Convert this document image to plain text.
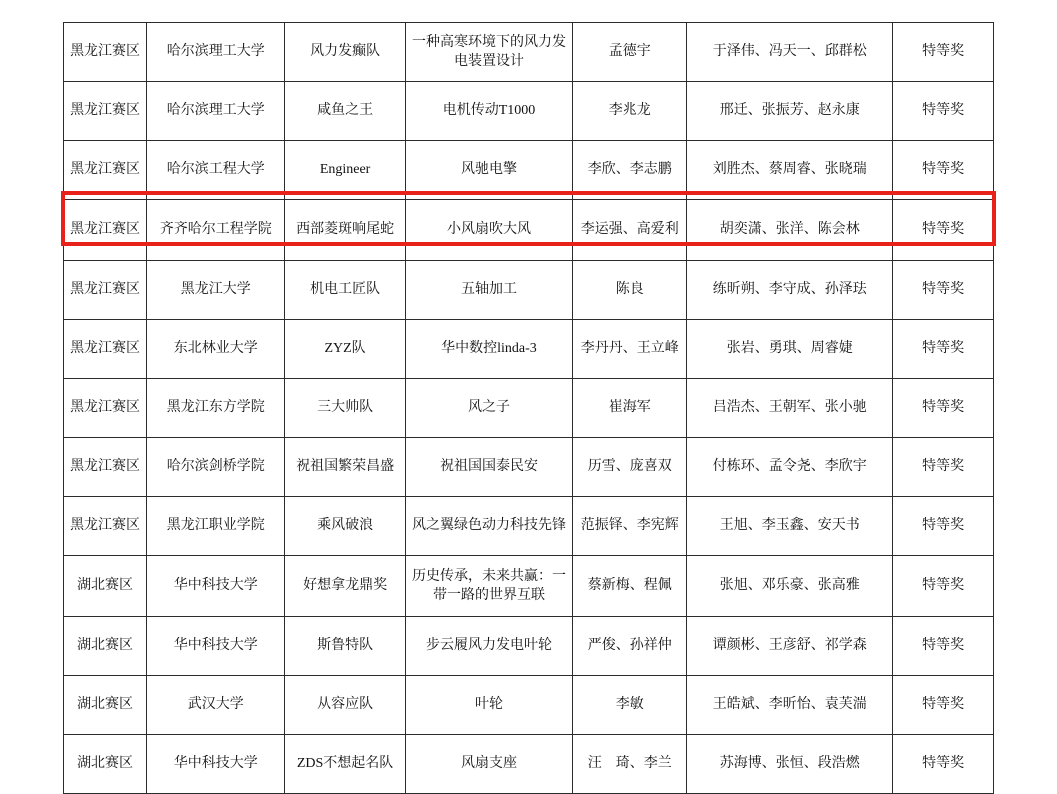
黑龙江赛区	哈尔滨理工大学	风力发癫队	一种高寒环境下的风力发电装置设计	孟德宇	于泽伟、冯天一、邱群松	特等奖
黑龙江赛区	哈尔滨理工大学	咸鱼之王	电机传动T1000	李兆龙	邢迁、张振芳、赵永康	特等奖
黑龙江赛区	哈尔滨工程大学	Engineer	风驰电擎	李欣、李志鹏	刘胜杰、蔡周睿、张晓瑞	特等奖
黑龙江赛区	齐齐哈尔工程学院	西部菱斑响尾蛇	小风扇吹大风	李运强、高爱利	胡奕潇、张洋、陈会林	特等奖
黑龙江赛区	黑龙江大学	机电工匠队	五轴加工	陈良	练昕朔、李守成、孙泽珐	特等奖
黑龙江赛区	东北林业大学	ZYZ队	华中数控linda-3	李丹丹、王立峰	张岩、勇琪、周睿婕	特等奖
黑龙江赛区	黑龙江东方学院	三大帅队	风之子	崔海军	吕浩杰、王朝军、张小驰	特等奖
黑龙江赛区	哈尔滨剑桥学院	祝祖国繁荣昌盛	祝祖国国泰民安	历雪、庞喜双	付栋环、孟令尧、李欣宇	特等奖
黑龙江赛区	黑龙江职业学院	乘风破浪	风之翼绿色动力科技先锋	范振铎、李宪辉	王旭、李玉鑫、安天书	特等奖
湖北赛区	华中科技大学	好想拿龙鼎奖	历史传承，未来共赢：一带一路的世界互联	蔡新梅、程佩	张旭、邓乐豪、张高雅	特等奖
湖北赛区	华中科技大学	斯鲁特队	步云履风力发电叶轮	严俊、孙祥仲	谭颜彬、王彦舒、祁学森	特等奖
湖北赛区	武汉大学	从容应队	叶轮	李敏	王皓斌、李昕怡、袁芙湍	特等奖
湖北赛区	华中科技大学	ZDS不想起名队	风扇支座	汪　琦、李兰	苏海博、张恒、段浩燃	特等奖
